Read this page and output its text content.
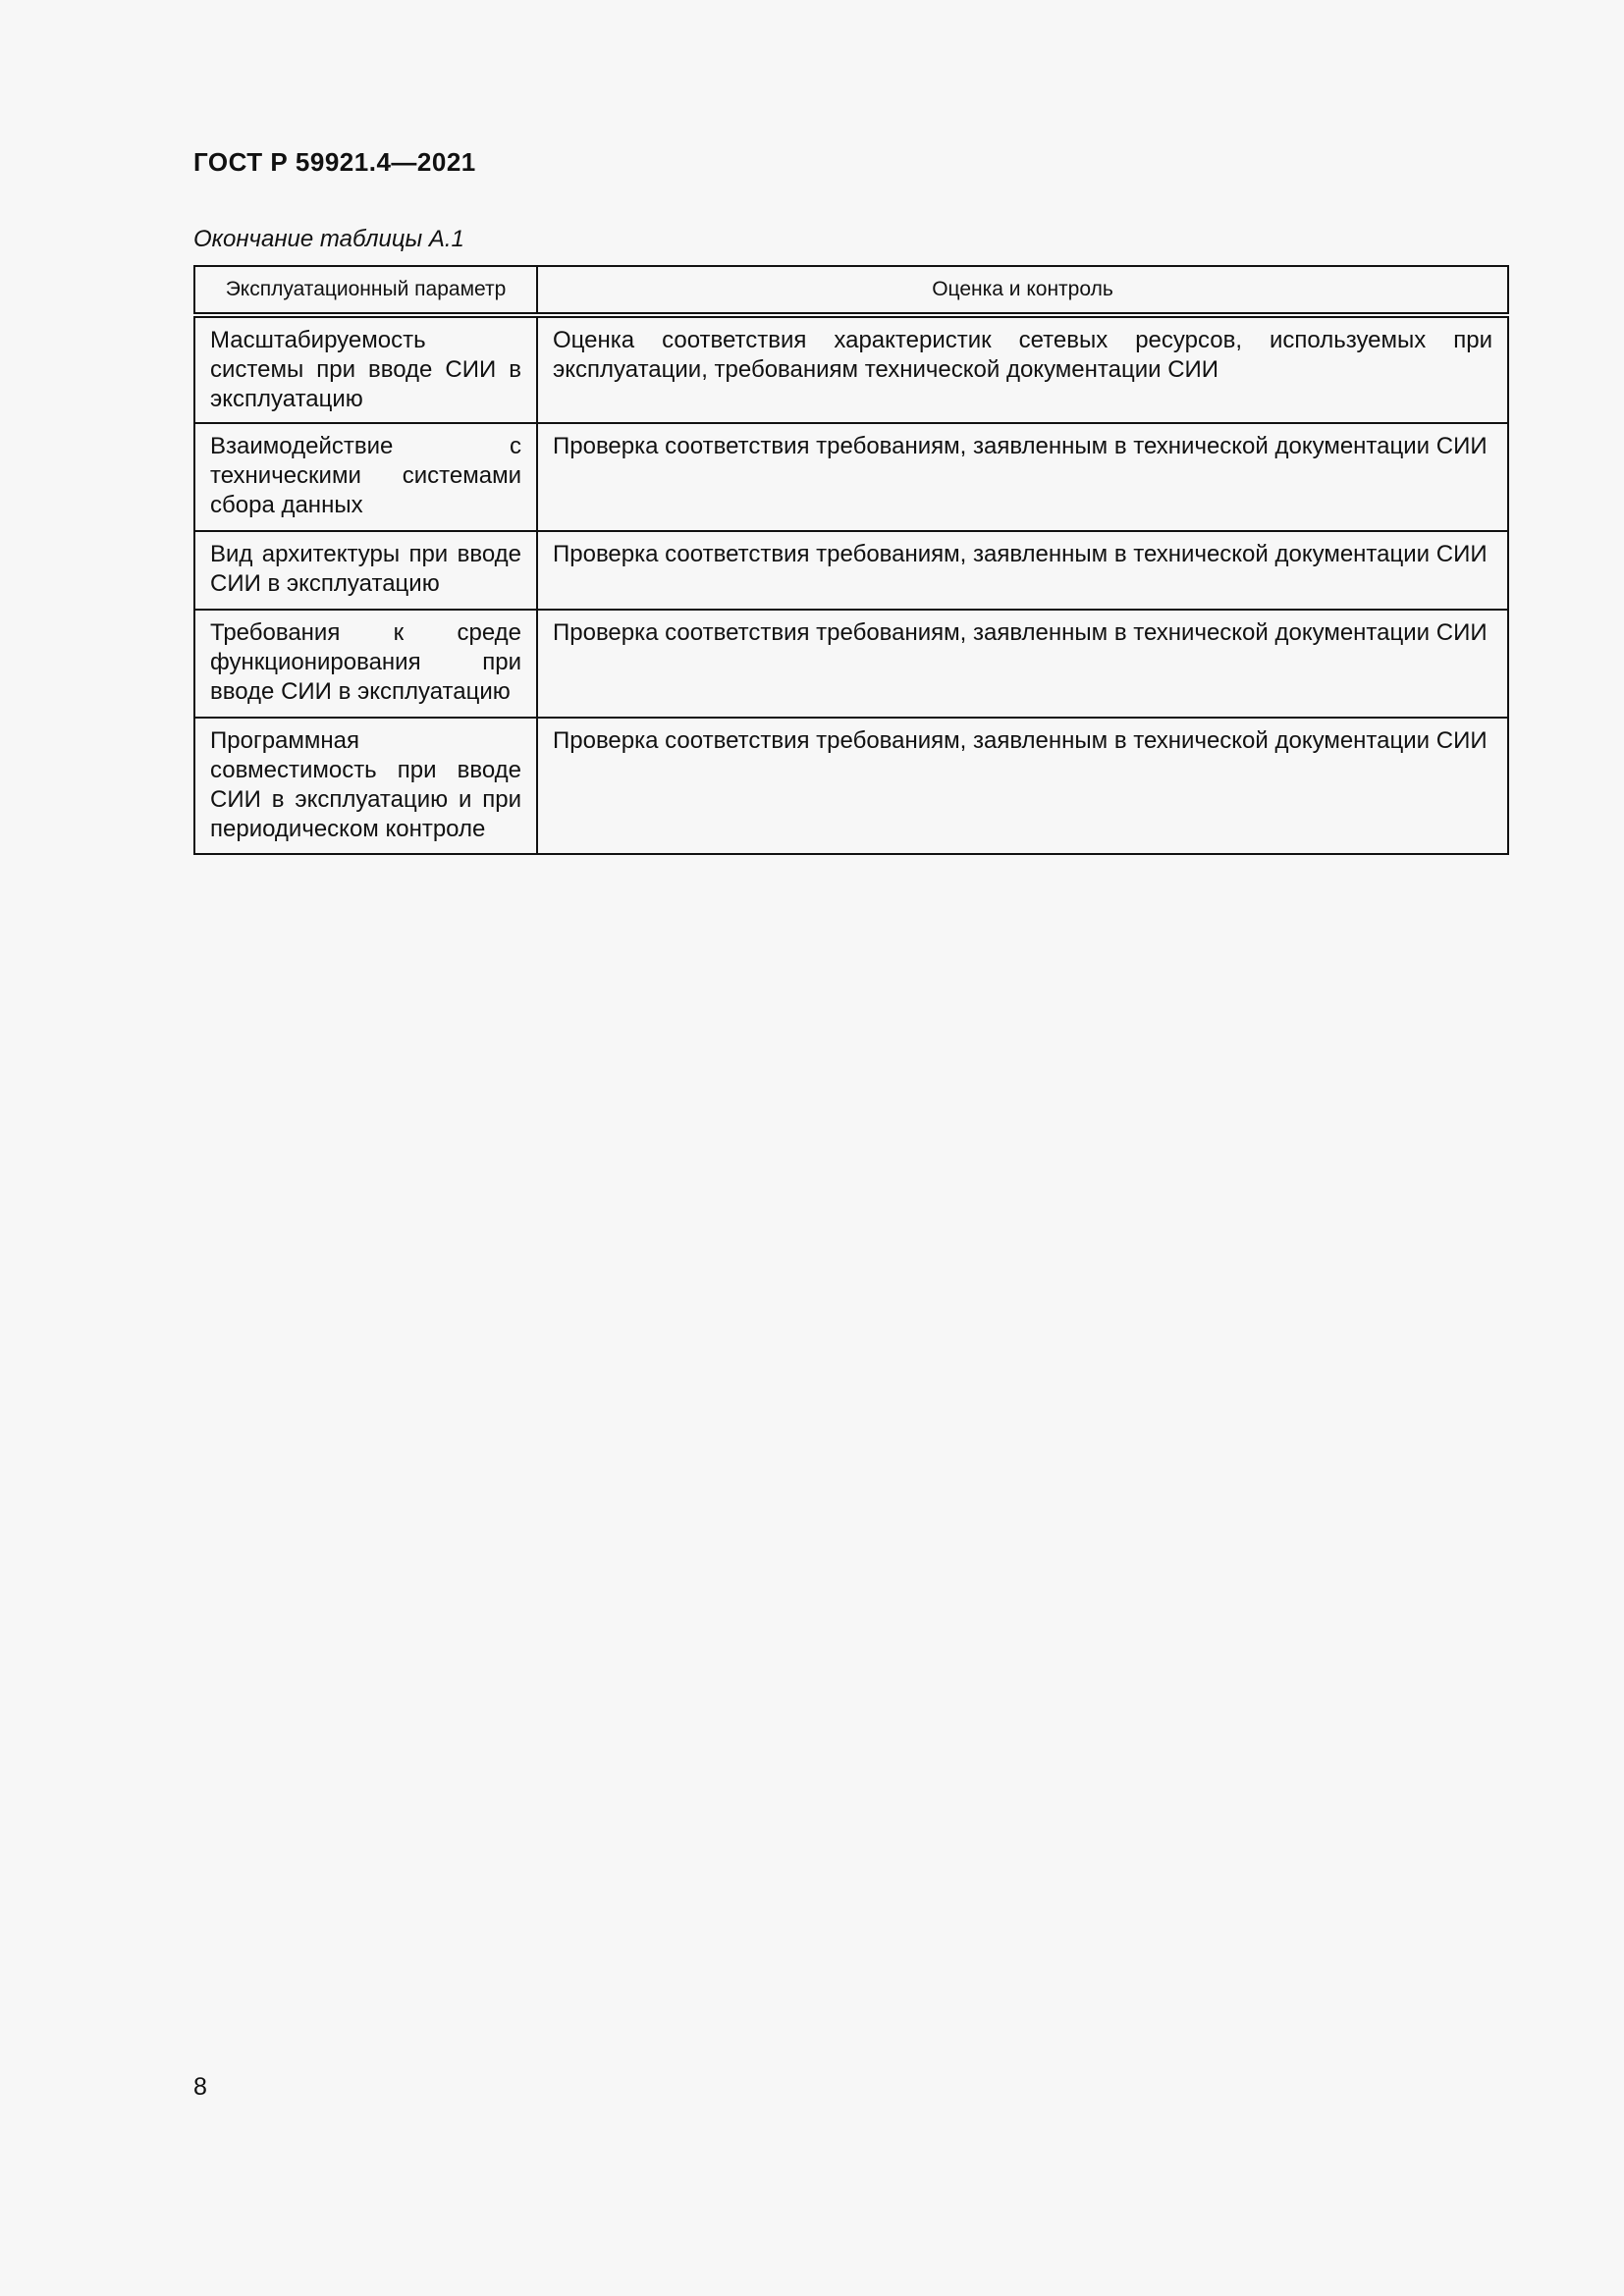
ГОСТ Р 59921.4—2021
Окончание таблицы А.1
Эксплуатационный параметр	Оценка и контроль
Масштабируемость системы при вводе СИИ в эксплуатацию	Оценка соответствия характеристик сетевых ресурсов, используемых при эксплуатации, требованиям технической документации СИИ
Взаимодействие с техническими системами сбора данных	Проверка соответствия требованиям, заявленным в технической документации СИИ
Вид архитектуры при вводе СИИ в эксплуатацию	Проверка соответствия требованиям, заявленным в технической документации СИИ
Требования к среде функционирования при вводе СИИ в эксплуатацию	Проверка соответствия требованиям, заявленным в технической документации СИИ
Программная совместимость при вводе СИИ в эксплуатацию и при периодическом контроле	Проверка соответствия требованиям, заявленным в технической документации СИИ
8
